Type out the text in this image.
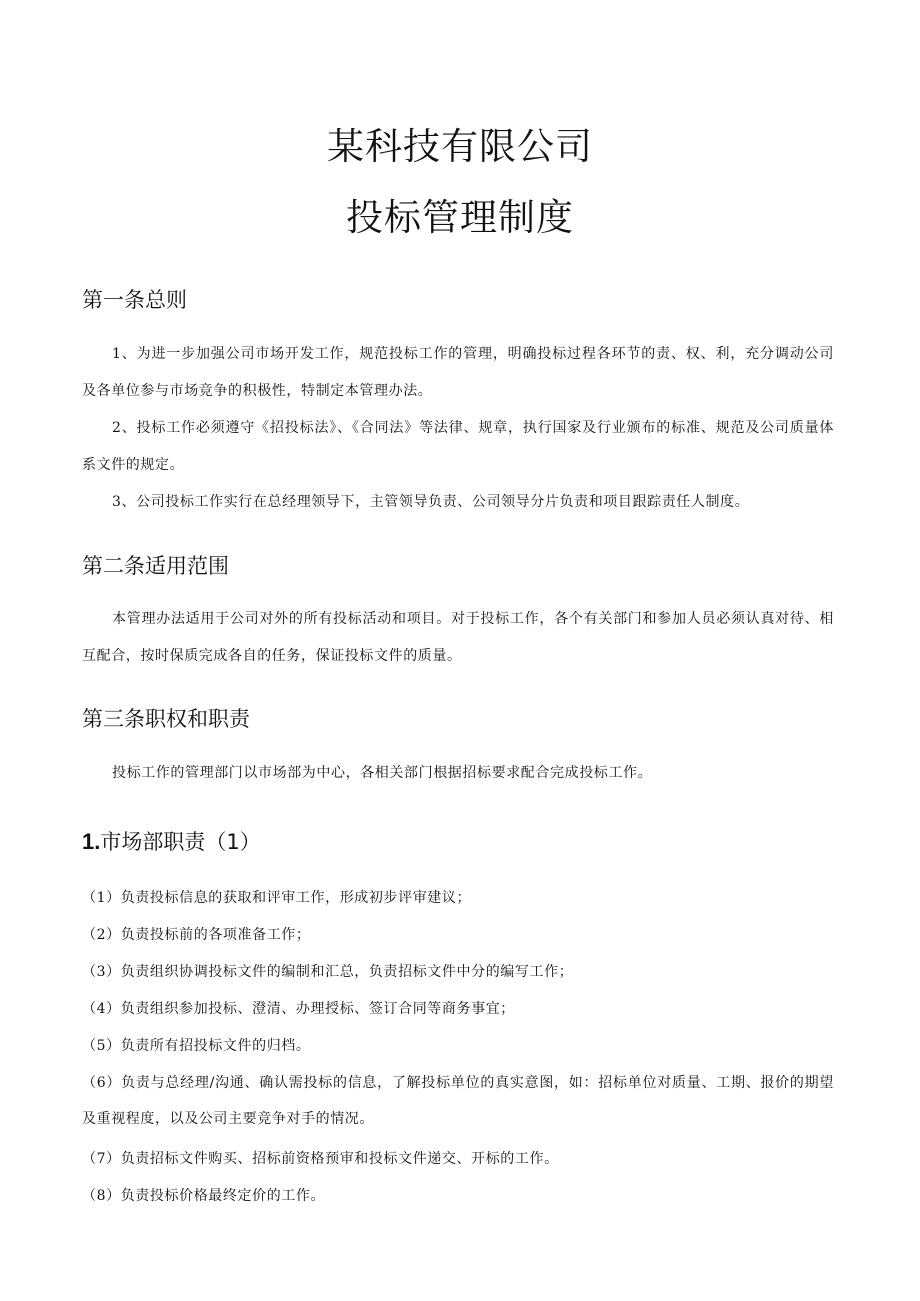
某科技有限公司
投标管理制度
第一条总则

1、为进一步加强公司市场开发工作，规范投标工作的管理，明确投标过程各环节的责、权、利，充分调动公司及各单位参与市场竞争的积极性，特制定本管理办法。

2、投标工作必须遵守《招投标法》、《合同法》等法律、规章，执行国家及行业颁布的标准、规范及公司质量体系文件的规定。

3、公司投标工作实行在总经理领导下，主管领导负责、公司领导分片负责和项目跟踪责任人制度。

第二条适用范围

本管理办法适用于公司对外的所有投标活动和项目。对于投标工作，各个有关部门和参加人员必须认真对待、相互配合，按时保质完成各自的任务，保证投标文件的质量。

第三条职权和职责

投标工作的管理部门以市场部为中心，各相关部门根据招标要求配合完成投标工作。

1.市场部职责（1）

（1）负责投标信息的获取和评审工作，形成初步评审建议；

（2）负责投标前的各项准备工作；

（3）负责组织协调投标文件的编制和汇总，负责招标文件中分的编写工作；

（4）负责组织参加投标、澄清、办理授标、签订合同等商务事宜；

（5）负责所有招投标文件的归档。

（6）负责与总经理/沟通、确认需投标的信息，了解投标单位的真实意图，如：招标单位对质量、工期、报价的期望及重视程度，以及公司主要竞争对手的情况。

（7）负责招标文件购买、招标前资格预审和投标文件递交、开标的工作。

（8）负责投标价格最终定价的工作。
